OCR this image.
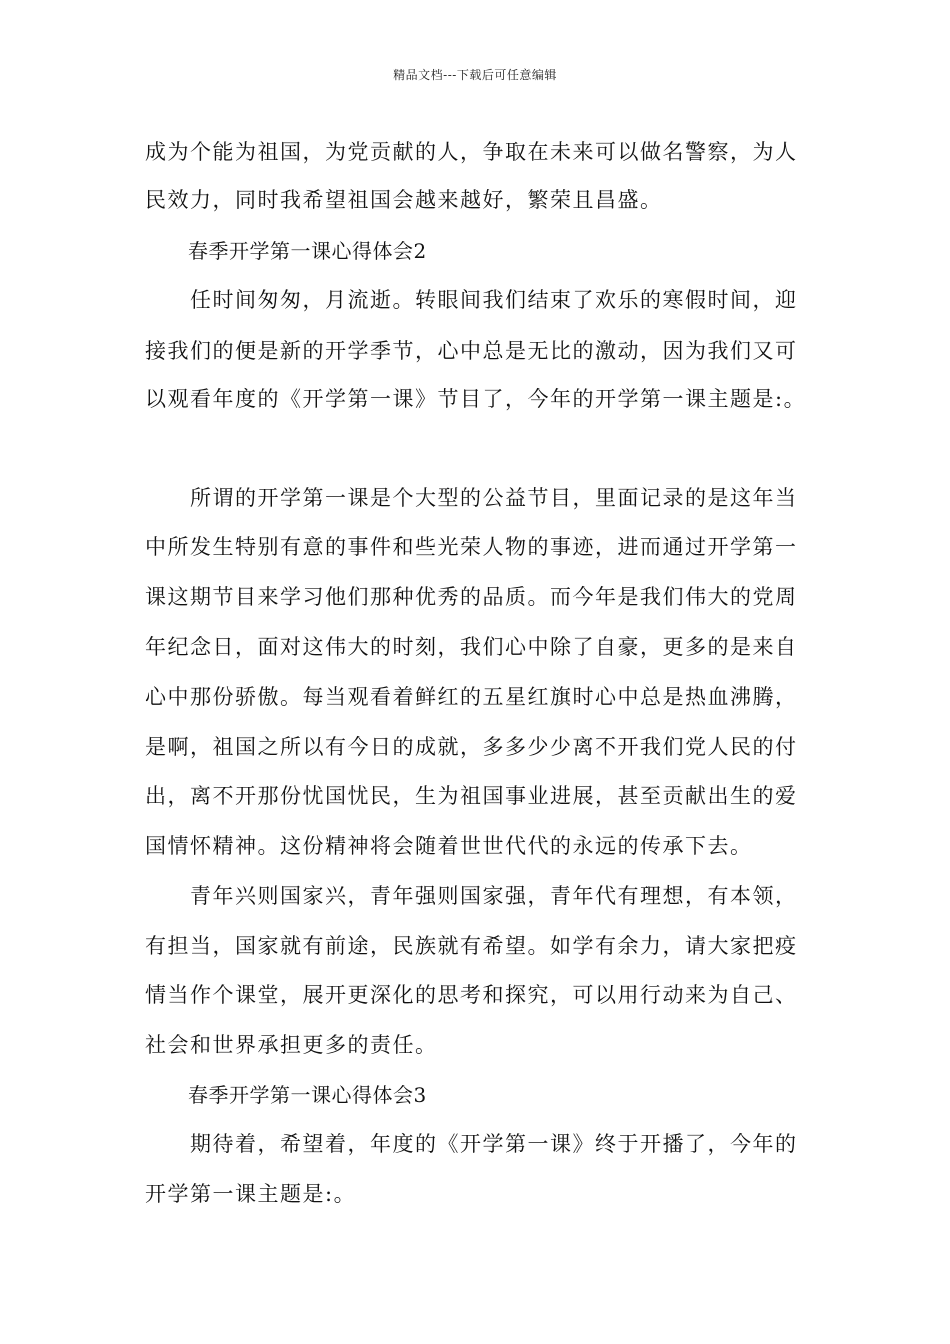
精品文档---下载后可任意编辑
成为个能为祖国，为党贡献的人，争取在未来可以做名警察，为人
民效力，同时我希望祖国会越来越好，繁荣且昌盛。
春季开学第一课心得体会2
任时间匆匆，月流逝。转眼间我们结束了欢乐的寒假时间，迎
接我们的便是新的开学季节，心中总是无比的激动，因为我们又可
以观看年度的《开学第一课》节目了，今年的开学第一课主题是:。
所谓的开学第一课是个大型的公益节目，里面记录的是这年当
中所发生特别有意的事件和些光荣人物的事迹，进而通过开学第一
课这期节目来学习他们那种优秀的品质。而今年是我们伟大的党周
年纪念日，面对这伟大的时刻，我们心中除了自豪，更多的是来自
心中那份骄傲。每当观看着鲜红的五星红旗时心中总是热血沸腾，
是啊，祖国之所以有今日的成就，多多少少离不开我们党人民的付
出，离不开那份忧国忧民，生为祖国事业进展，甚至贡献出生的爱
国情怀精神。这份精神将会随着世世代代的永远的传承下去。
青年兴则国家兴，青年强则国家强，青年代有理想，有本领，
有担当，国家就有前途，民族就有希望。如学有余力，请大家把疫
情当作个课堂，展开更深化的思考和探究，可以用行动来为自己、
社会和世界承担更多的责任。
春季开学第一课心得体会3
期待着，希望着，年度的《开学第一课》终于开播了，今年的
开学第一课主题是:。
